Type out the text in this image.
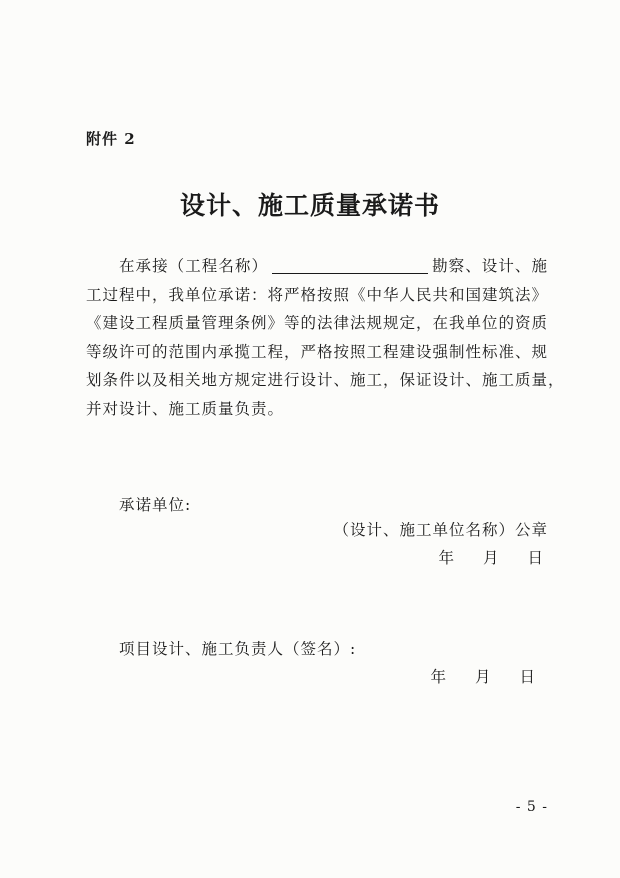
附件 2
设计、施工质量承诺书
在承接（工程名称）	勘察、设计、施
工过程中，我单位承诺：将严格按照《中华人民共和国建筑法》
《建设工程质量管理条例》等的法律法规规定，在我单位的资质
等级许可的范围内承揽工程，严格按照工程建设强制性标准、规
划条件以及相关地方规定进行设计、施工，保证设计、施工质量，
并对设计、施工质量负责。
承诺单位:
（设计、施工单位名称）公章
年 月 日
项目设计、施工负责人（签名）:
年 月 日
- 5 -
